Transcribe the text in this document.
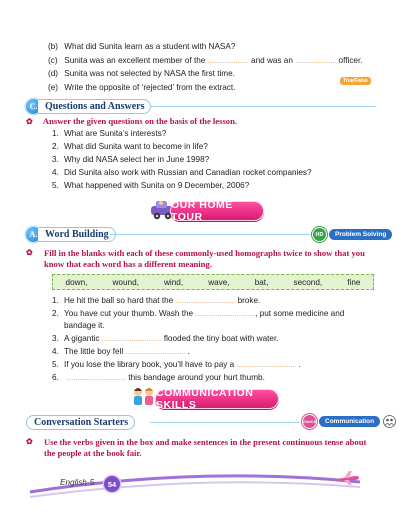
(b) What did Sunita learn as a student with NASA?
(c) Sunita was an excellent member of the ...................... and was an ...................... officer.
(d) Sunita was not selected by NASA the first time.
True/False
(e) Write the opposite of ‘rejected’ from the extract.
C. Questions and Answers
✿ Answer the given questions on the basis of the lesson.
1. What are Sunita’s interests?
2. What did Sunita want to become in life?
3. Why did NASA select her in June 1998?
4. Did Sunita also work with Russian and Canadian rocket companies?
5. What happened with Sunita on 9 December, 2006?
OUR HOME TOUR
A. Word Building	HD	Problem Solving
✿ Fill in the blanks with each of these commonly-used homographs twice to show that you know that each word has a different meaning.
down,	wound,	wind,	wave,	bat,	second,	fine
1. He hit the ball so hard that the ................................ broke.
2. You have cut your thumb. Wash the ................................, put some medicine and
bandage it.
3. A gigantic ................................ flooded the tiny boat with water.
4. The little boy fell ................................ .
5. If you lose the library book, you’ll have to pay a ................................ .
6. ................................ this bandage around your hurt thumb.
COMMUNICATION SKILLS
Conversation Starters	21stCS	Communication
✿ Use the verbs given in the box and make sentences in the present continuous tense about the people at the book fair.
English-5	54
